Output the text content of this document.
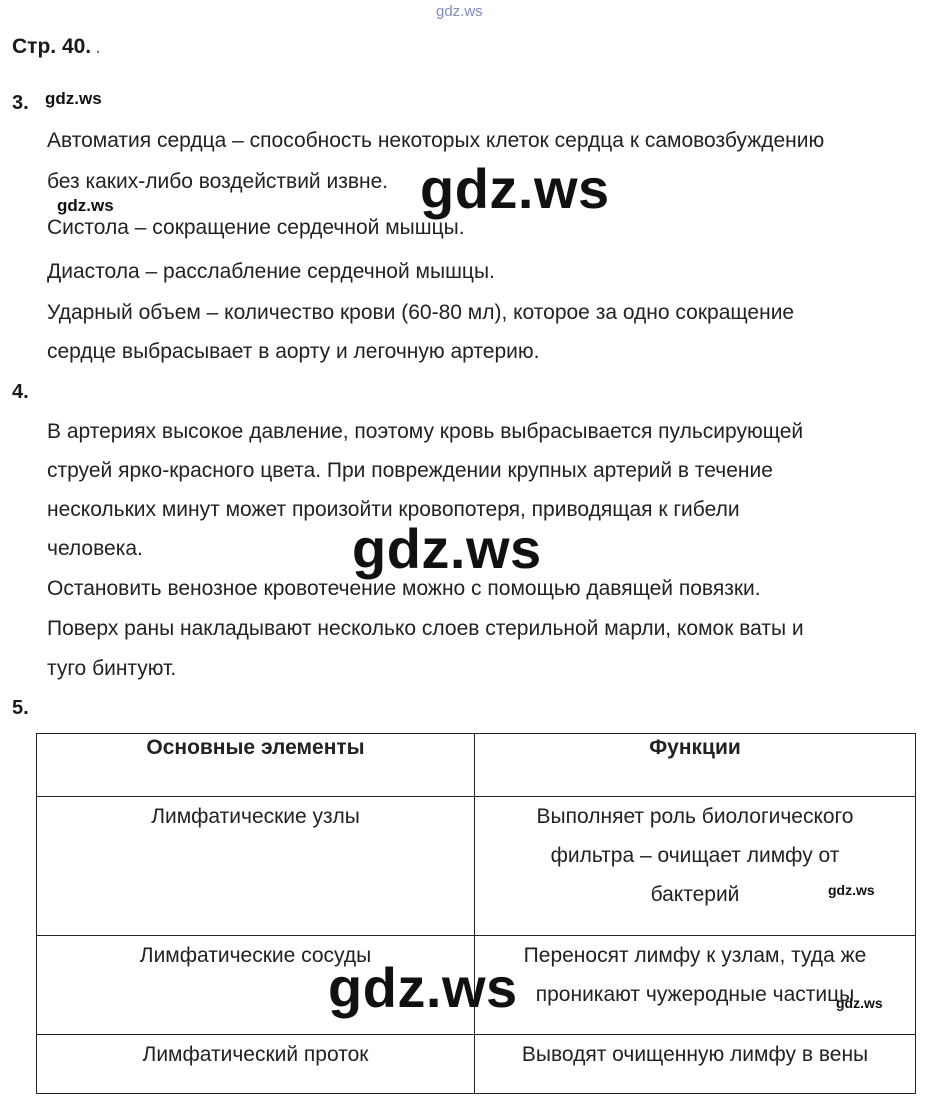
gdz.ws
Стр. 40. .
3. gdz.ws
Автоматия сердца – способность некоторых клеток сердца к самовозбуждению
без каких-либо воздействий извне. gdz.ws
gdz.ws
Систола – сокращение сердечной мышцы.
Диастола – расслабление сердечной мышцы.
Ударный объем – количество крови (60-80 мл), которое за одно сокращение
сердце выбрасывает в аорту и легочную артерию.
4.
В артериях высокое давление, поэтому кровь выбрасывается пульсирующей
струей ярко-красного цвета. При повреждении крупных артерий в течение
нескольких минут может произойти кровопотеря, приводящая к гибели
человека.	gdz.ws
Остановить венозное кровотечение можно с помощью давящей повязки.
Поверх раны накладывают несколько слоев стерильной марли, комок ваты и
туго бинтуют.
5.
Основные элементы	Функции

Лимфатические узлы	Выполняет роль биологического
фильтра – очищает лимфу от
бактерий

Лимфатические сосуды	Переносят лимфу к узлам, туда же
проникают чужеродные частицы

Лимфатический проток	Выводят очищенную лимфу в вены
gdz.ws
gdz.ws	gdz.ws
